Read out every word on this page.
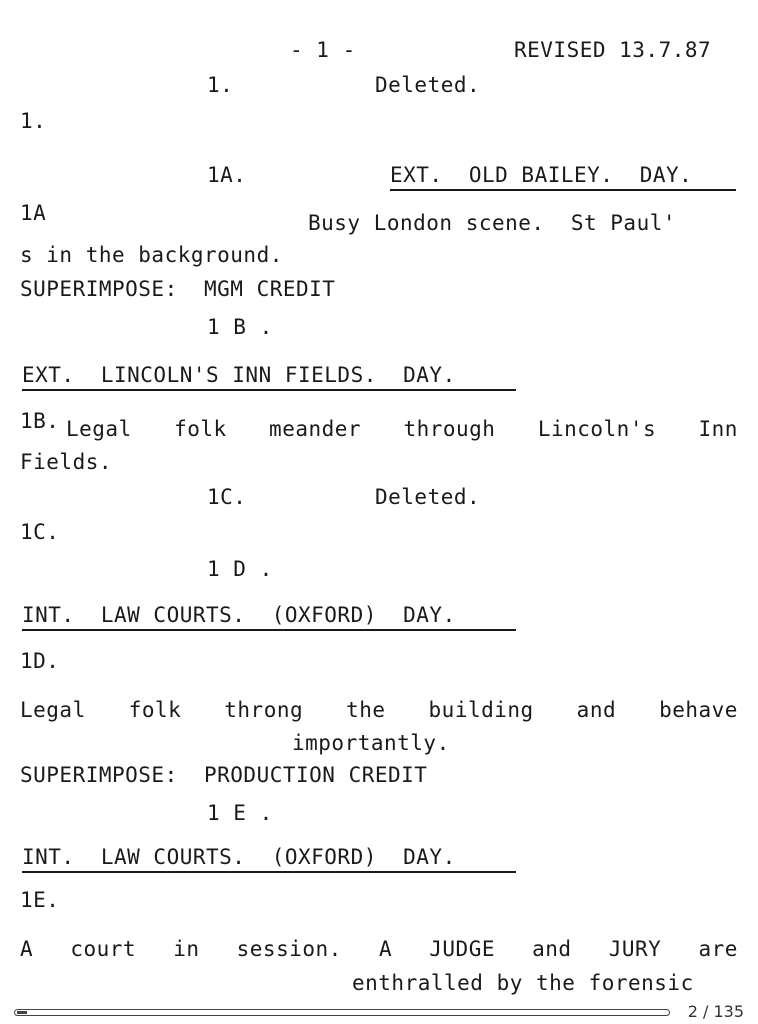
- 1 -	REVISED 13.7.87
1.	Deleted.
1.
1A.	EXT.  OLD BAILEY.  DAY.
1A	Busy London scene.  St Paul'
s in the background.
SUPERIMPOSE:  MGM CREDIT
1 B .
EXT.  LINCOLN'S INN FIELDS.  DAY.
1B. Legal folk meander through Lincoln's Inn
Fields.
1C.	Deleted.
1C.
1 D .
INT.  LAW COURTS.  (OXFORD)  DAY.
1D.
Legal folk throng the building and behave
importantly.
SUPERIMPOSE:  PRODUCTION CREDIT
1 E .
INT.  LAW COURTS.  (OXFORD)  DAY.
1E.
A court in session. A JUDGE and JURY are
enthralled by the forensic
2 / 135
